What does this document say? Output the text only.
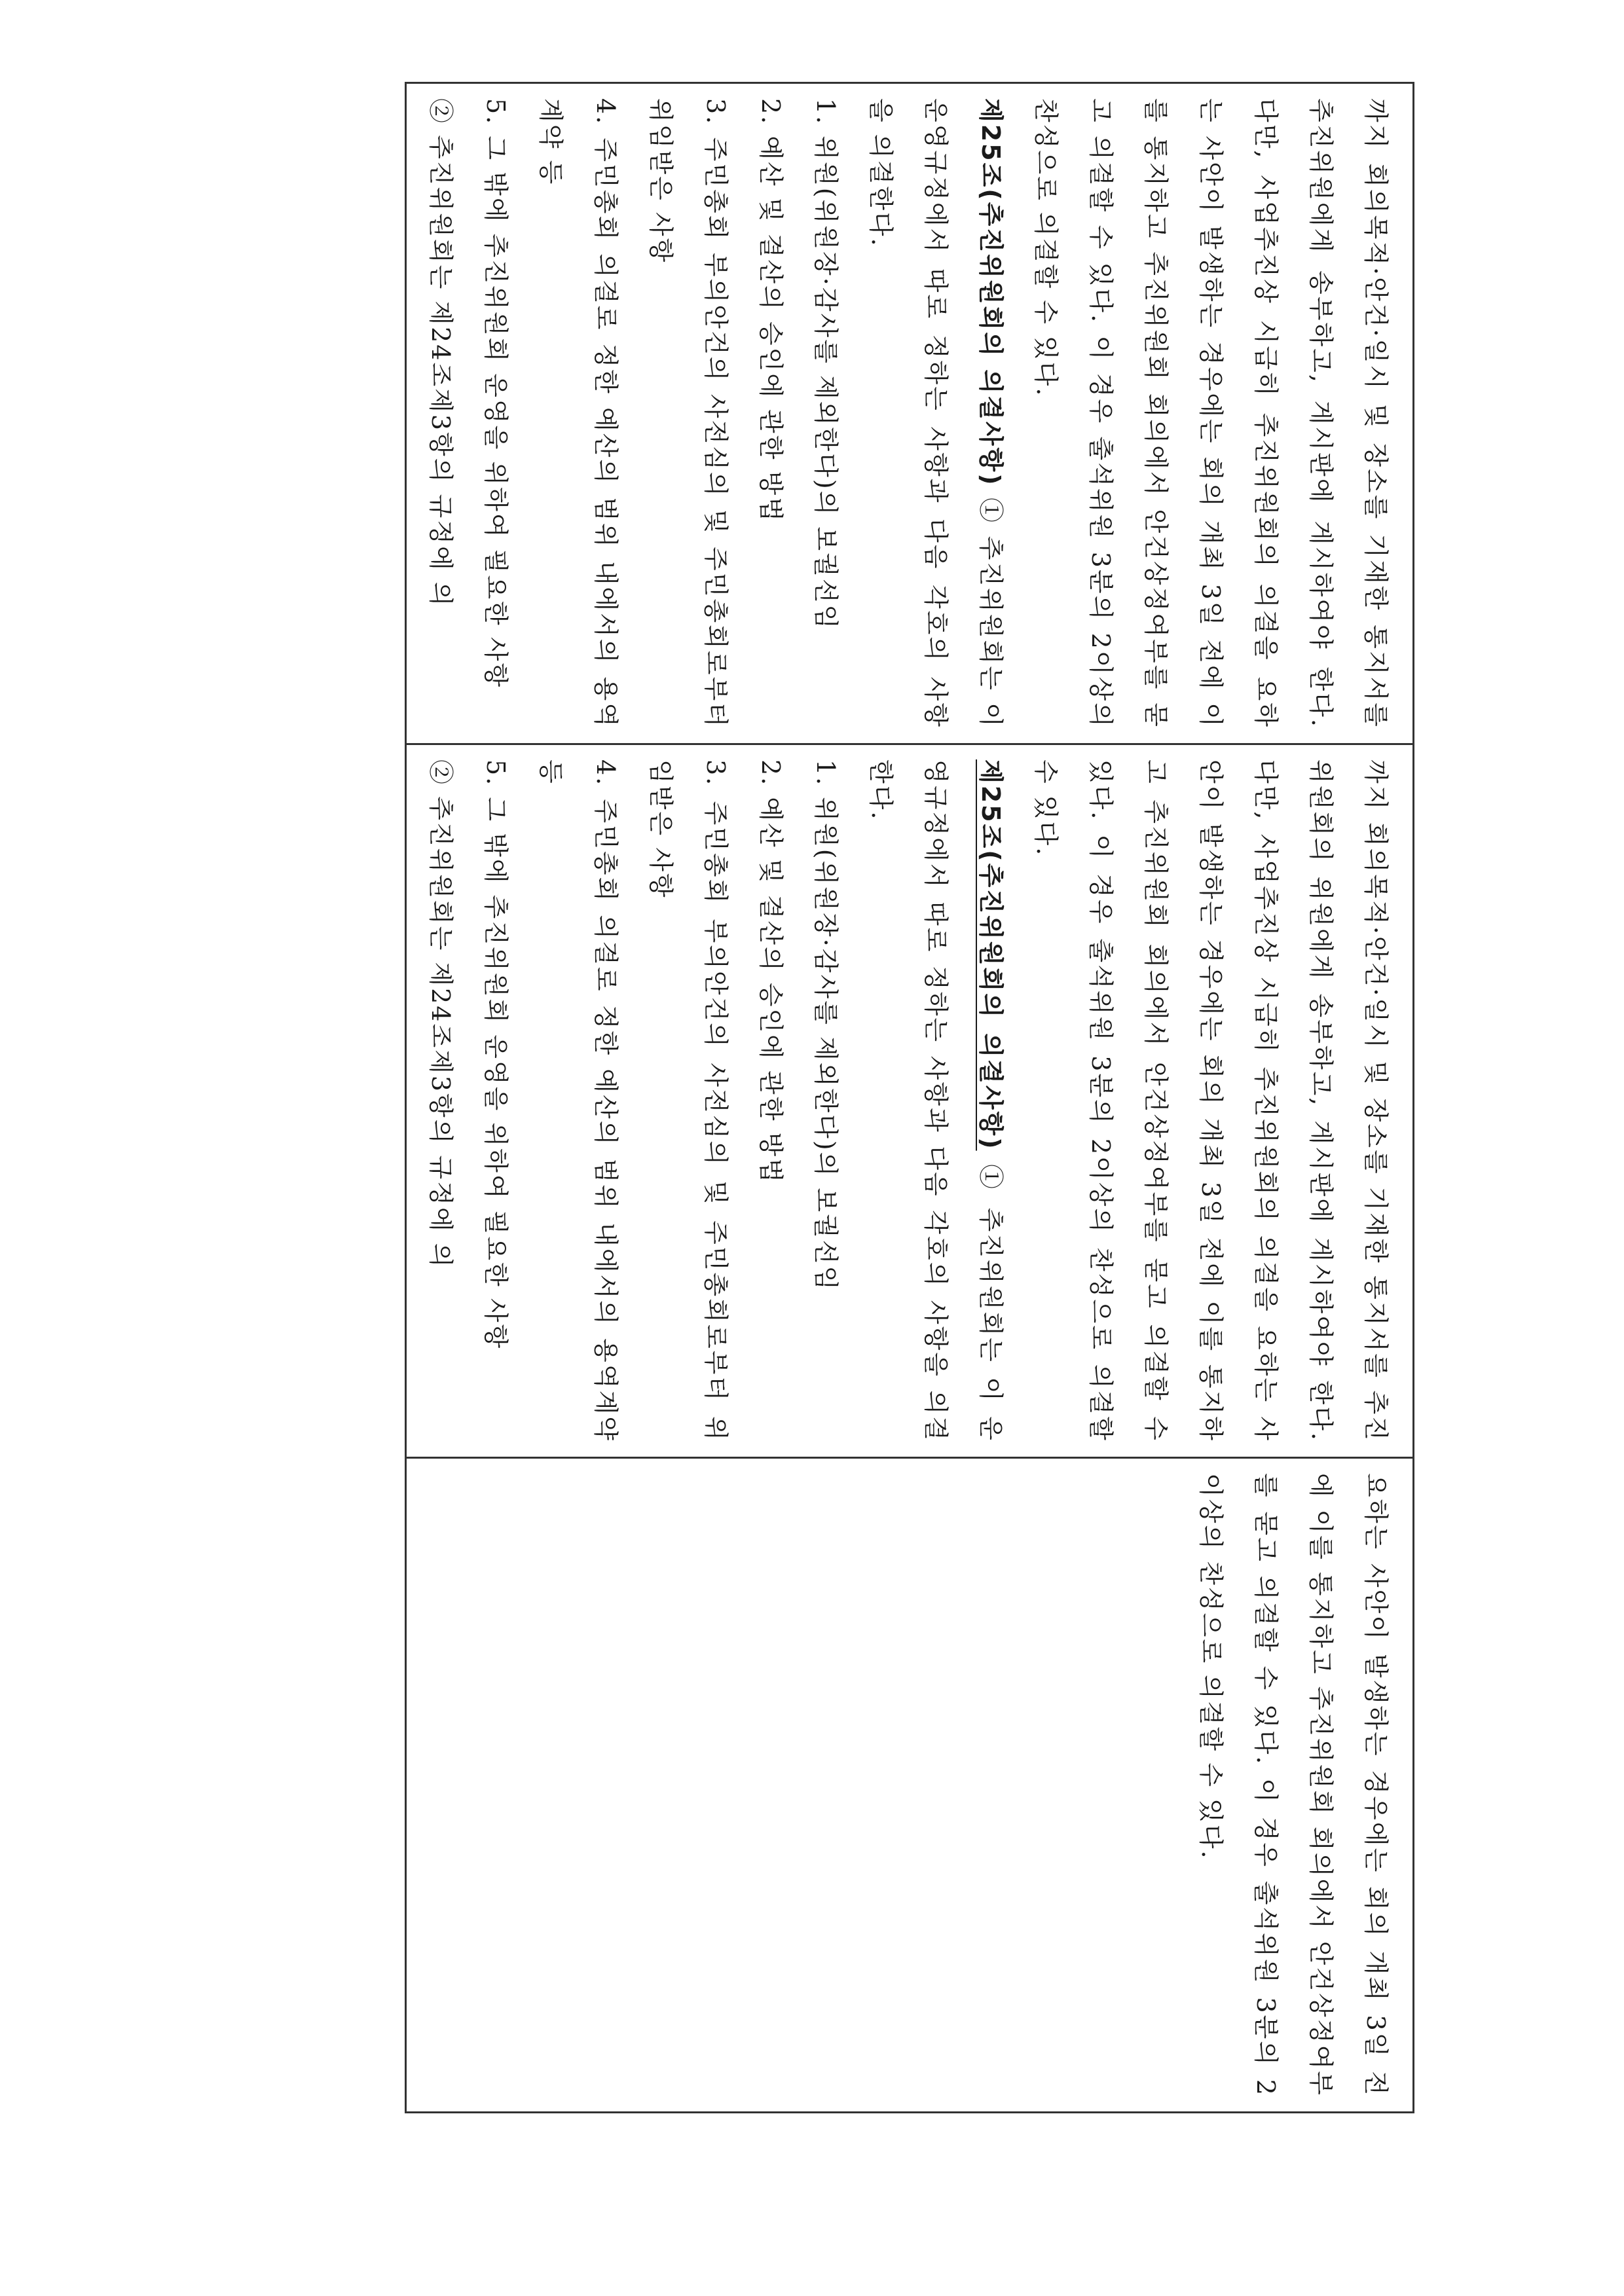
까지 회의목적·안건·일시 및 장소를 기재한 통지서를 추진위원에게 송부하고, 게시판에 게시하여야 한다. 다만, 사업추진상 시급히 추진위원회의 의결을 요하는 사안이 발생하는 경우에는 회의 개최 3일 전에 이를 통지하고 추진위원회 회의에서 안건상정여부를 묻고 의결할 수 있다. 이 경우 출석위원 3분의 2이상의 찬성으로 의결할 수 있다.

제25조(추진위원회의 의결사항) ① 추진위원회는 이 운영규정에서 따로 정하는 사항과 다음 각호의 사항을 의결한다.

1. 위원(위원장·감사를 제외한다)의 보궐선임

2. 예산 및 결산의 승인에 관한 방법

3. 주민총회 부의안건의 사전심의 및 주민총회로부터 위임받은 사항

4. 주민총회 의결로 정한 예산의 범위 내에서의 용역계약 등

5. 그 밖에 추진위원회 운영을 위하여 필요한 사항

② 추진위원회는 제24조제3항의 규정에 의

까지 회의목적·안건·일시 및 장소를 기재한 통지서를 추진위원회의 위원에게 송부하고, 게시판에 게시하여야 한다. 다만, 사업추진상 시급히 추진위원회의 의결을 요하는 사안이 발생하는 경우에는 회의 개최 3일 전에 이를 통지하고 추진위원회 회의에서 안건상정여부를 묻고 의결할 수 있다. 이 경우 출석위원 3분의 2이상의 찬성으로 의결할 수 있다.

제25조(추진위원회의 의결사항) ① 추진위원회는 이 운영규정에서 따로 정하는 사항과 다음 각호의 사항을 의결한다.

1. 위원(위원장·감사를 제외한다)의 보궐선임

2. 예산 및 결산의 승인에 관한 방법

3. 주민총회 부의안건의 사전심의 및 주민총회로부터 위임받은 사항

4. 주민총회 의결로 정한 예산의 범위 내에서의 용역계약 등

5. 그 밖에 추진위원회 운영을 위하여 필요한 사항

② 추진위원회는 제24조제3항의 규정에 의

요하는 사안이 발생하는 경우에는 회의 개최 3일 전에 이를 통지하고 추진위원회 회의에서 안건상정여부를 묻고 의결할 수 있다. 이 경우 출석위원 3분의 2이상의 찬성으로 의결할 수 있다.
